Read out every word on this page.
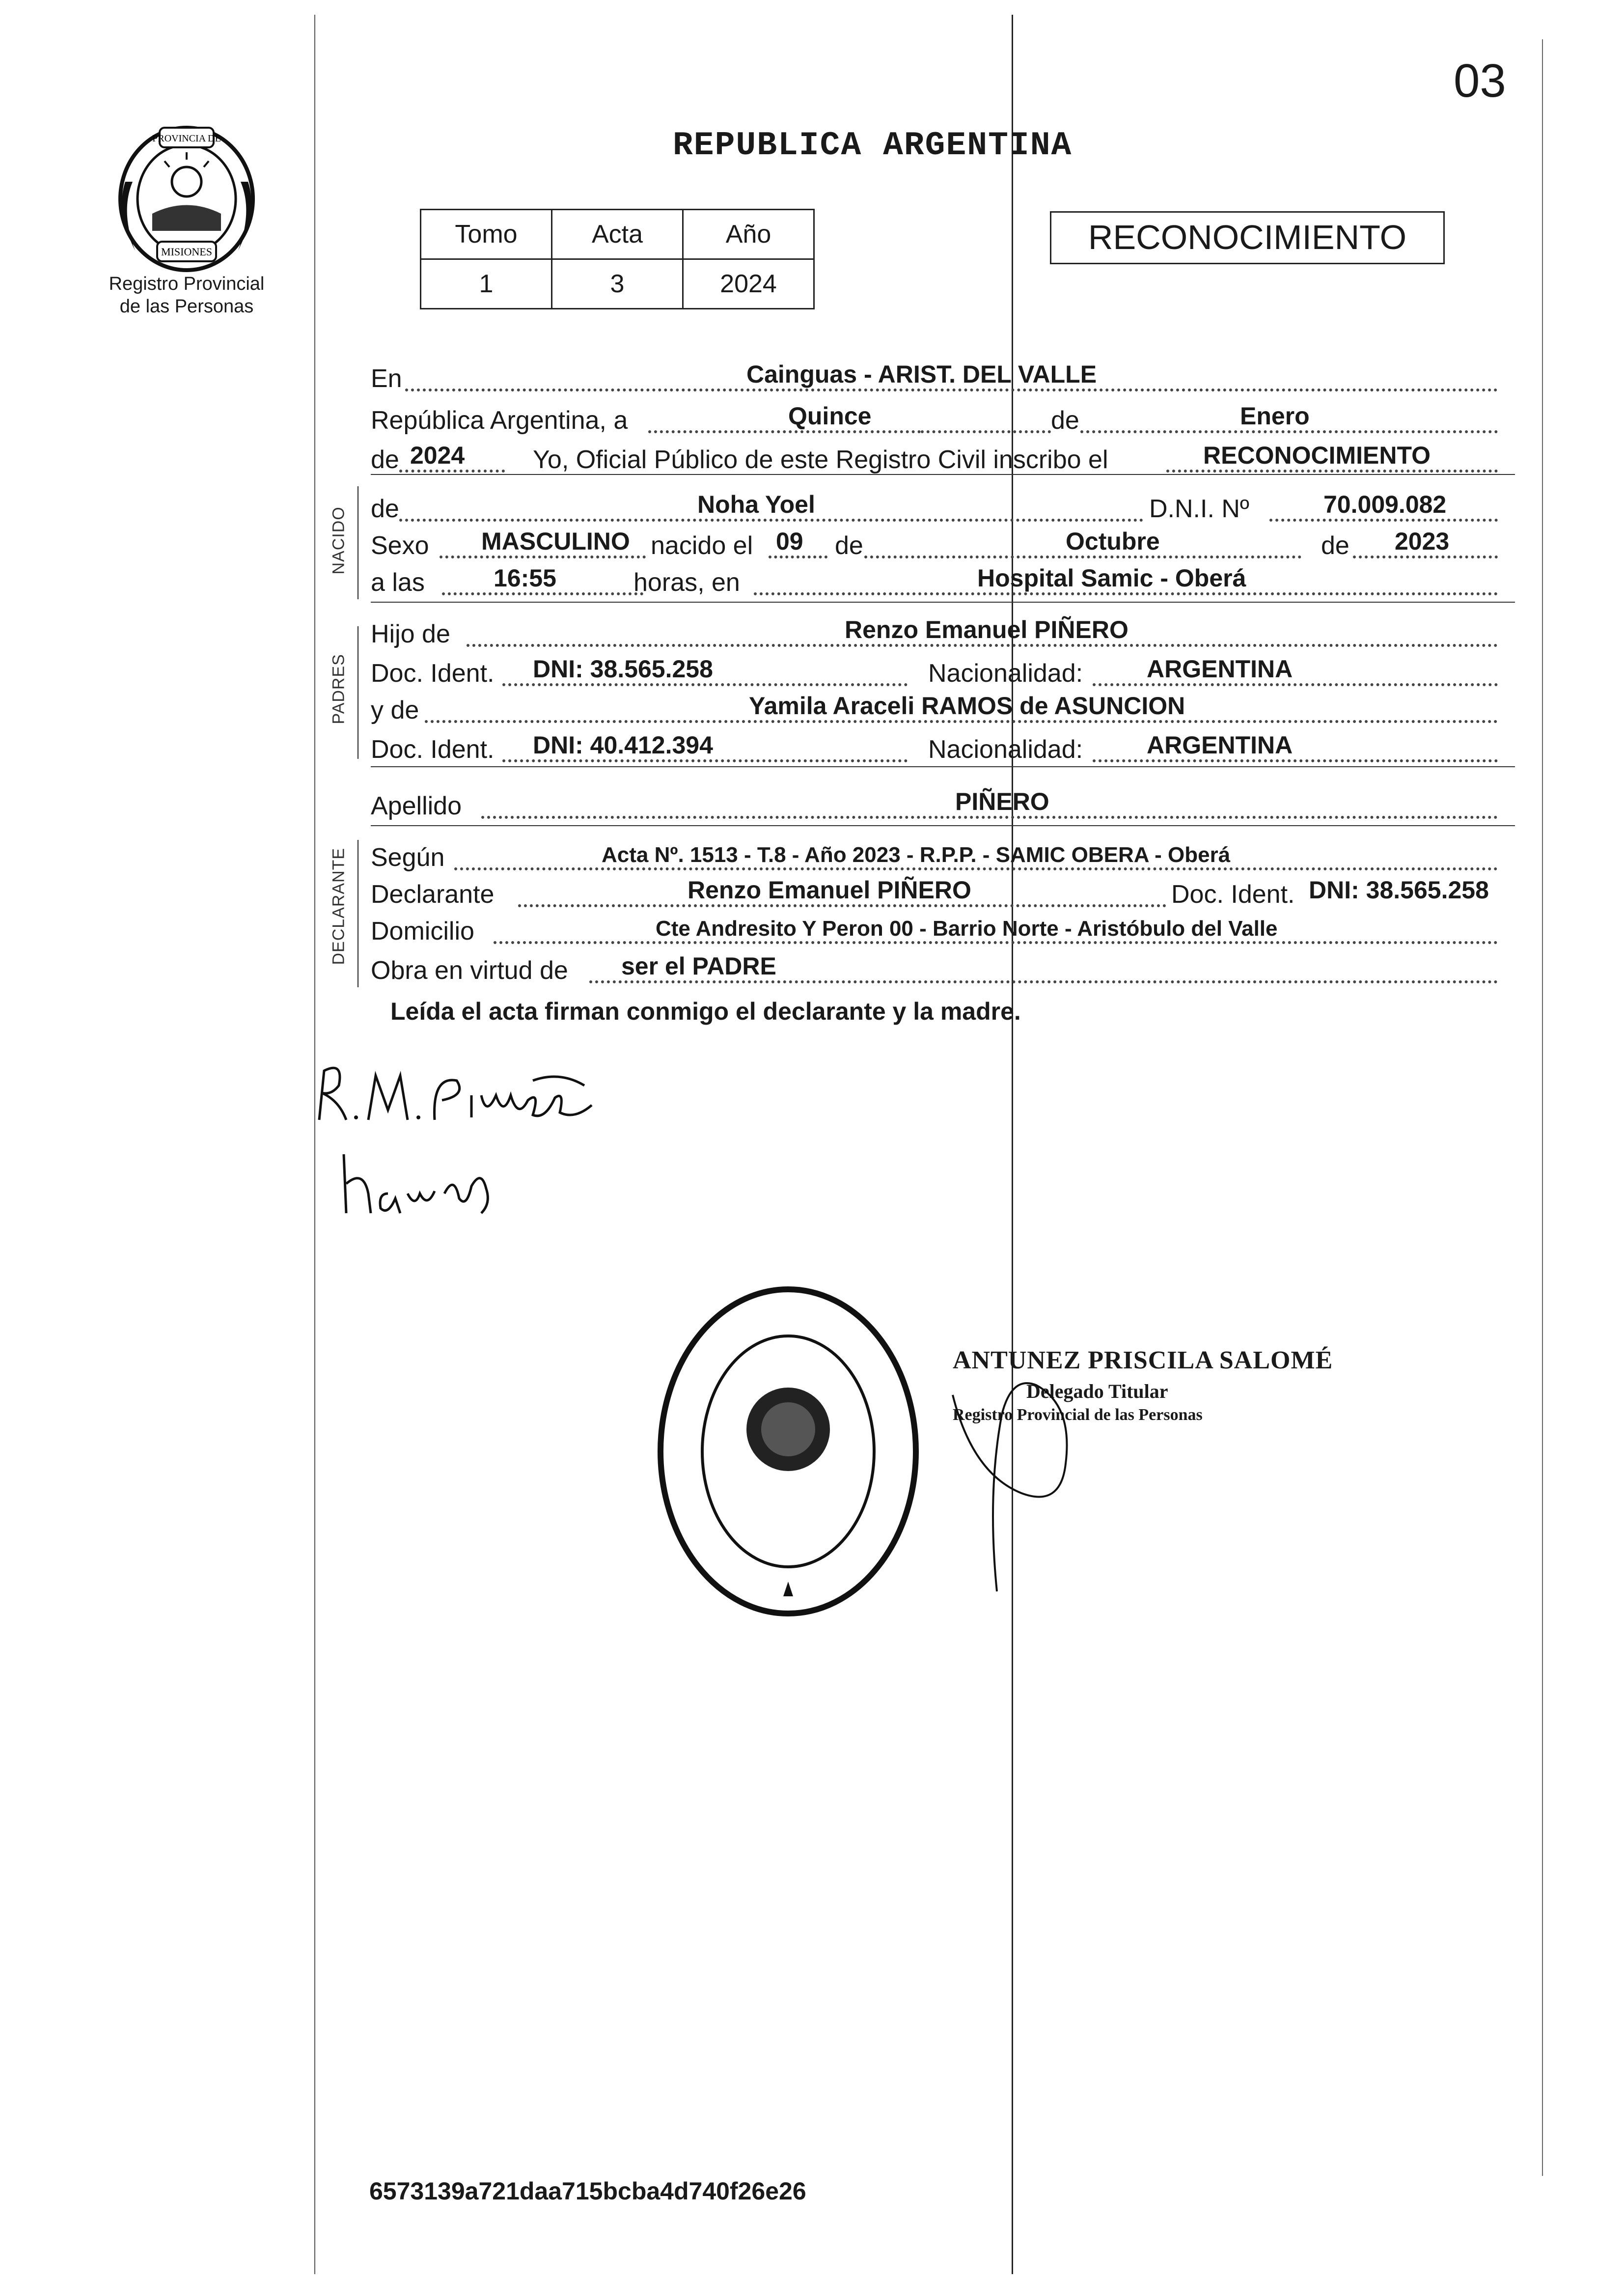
03
PROVINCIA DE
MISIONES
Registro Provincial
de las Personas
REPUBLICA ARGENTINA
Tomo	Acta	Año
1	3	2024
RECONOCIMIENTO
NACIDO
PADRES
DECLARANTE
En	Cainguas - ARIST. DEL VALLE
República Argentina, a	Quince	de	Enero
de 2024	Yo, Oficial Público de este Registro Civil inscribo el	RECONOCIMIENTO
de	Noha Yoel	D.N.I. Nº	70.009.082
Sexo MASCULINO nacido el 09 de	Octubre	de 2023
a las	16:55	horas, en	Hospital Samic - Oberá
Hijo de	Renzo Emanuel PIÑERO
Doc. Ident. DNI: 38.565.258	Nacionalidad:	ARGENTINA
y de	Yamila Araceli RAMOS de ASUNCION
Doc. Ident. DNI: 40.412.394	Nacionalidad:	ARGENTINA
Apellido	PIÑERO
Según	Acta Nº. 1513 - T.8 - Año 2023 - R.P.P. - SAMIC OBERA - Oberá
Declarante	Renzo Emanuel PIÑERO	Doc. Ident. DNI: 38.565.258
Domicilio	Cte Andresito Y Peron 00 - Barrio Norte - Aristóbulo del Valle
Obra en virtud de ser el PADRE
Leída el acta firman conmigo el declarante y la madre.
ANTUNEZ PRISCILA SALOMÉ
Delegado Titular
Registro Provincial de las Personas
6573139a721daa715bcba4d740f26e26
